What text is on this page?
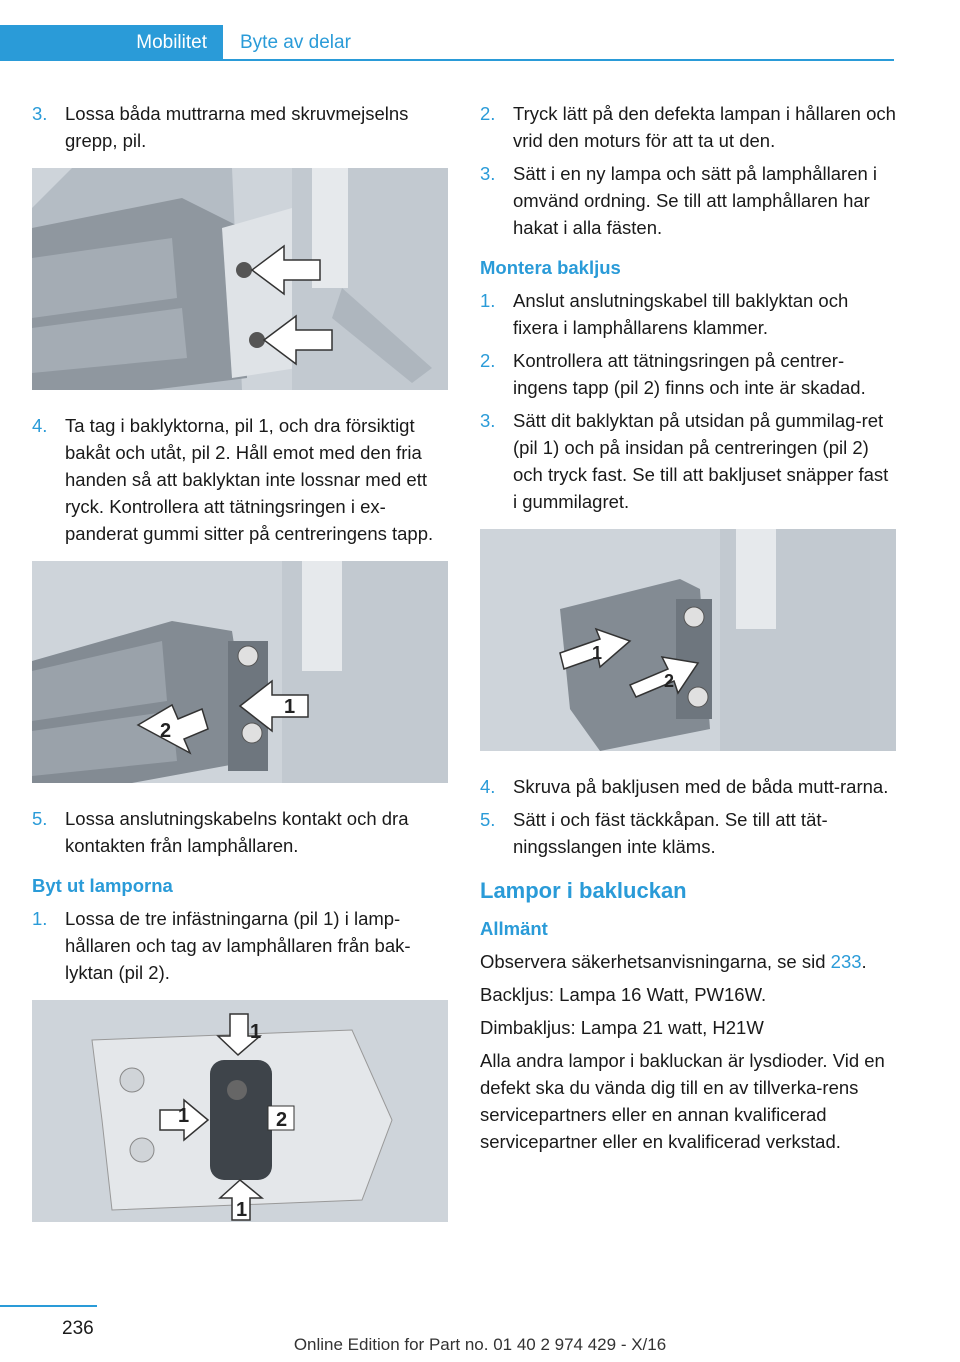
Mobilitet	Byte av delar
3. Lossa båda muttrarna med skruvmejselns grepp, pil.
4. Ta tag i baklyktorna, pil 1, och dra försiktigt bakåt och utåt, pil 2. Håll emot med den fria handen så att baklyktan inte lossnar med ett ryck. Kontrollera att tätningsringen i ex‐panderat gummi sitter på centreringens tapp.
1
2
5. Lossa anslutningskabelns kontakt och dra kontakten från lamphållaren.
Byt ut lamporna
1. Lossa de tre infästningarna (pil 1) i lamp‐hållaren och tag av lamphållaren från bak‐lyktan (pil 2).
1
1	2
1
2. Tryck lätt på den defekta lampan i hållaren och vrid den moturs för att ta ut den.
3. Sätt i en ny lampa och sätt på lamphållaren i omvänd ordning. Se till att lamphållaren har hakat i alla fästen.
Montera bakljus
1. Anslut anslutningskabel till baklyktan och fixera i lamphållarens klammer.
2. Kontrollera att tätningsringen på centrer‐ingens tapp (pil 2) finns och inte är skadad.
3. Sätt dit baklyktan på utsidan på gummilag‐ret (pil 1) och på insidan på centreringen (pil 2) och tryck fast. Se till att bakljuset snäpper fast i gummilagret.
1
2
4. Skruva på bakljusen med de båda mutt‐rarna.
5. Sätt i och fäst täckkåpan. Se till att tät‐ningsslangen inte kläms.
Lampor i bakluckan
Allmänt
Observera säkerhetsanvisningarna, se sid 233.
Backljus: Lampa 16 Watt, PW16W.
Dimbakljus: Lampa 21 watt, H21W
Alla andra lampor i bakluckan är lysdioder. Vid en defekt ska du vända dig till en av tillverka‐rens servicepartners eller en annan kvalificerad servicepartner eller en kvalificerad verkstad.
236
Online Edition for Part no. 01 40 2 974 429 - X/16
